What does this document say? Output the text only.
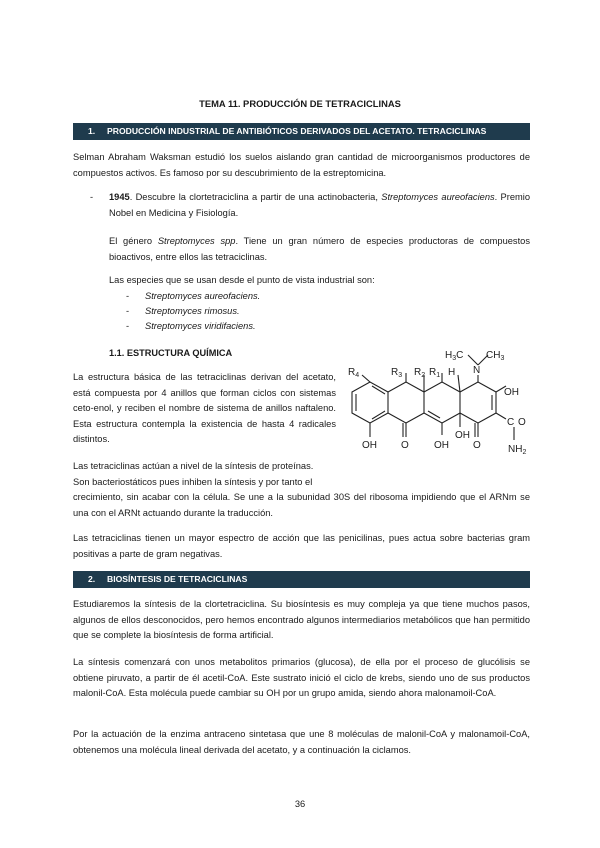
TEMA 11. PRODUCCIÓN DE TETRACICLINAS
1. PRODUCCIÓN INDUSTRIAL DE ANTIBIÓTICOS DERIVADOS DEL ACETATO. TETRACICLINAS
Selman Abraham Waksman estudió los suelos aislando gran cantidad de microorganismos productores de compuestos activos. Es famoso por su descubrimiento de la estreptomicina.
- 1945. Descubre la clortetraciclina a partir de una actinobacteria, Streptomyces aureofaciens. Premio Nobel en Medicina y Fisiología.
El género Streptomyces spp. Tiene un gran número de especies productoras de compuestos bioactivos, entre ellos las tetraciclinas.
Las especies que se usan desde el punto de vista industrial son:
- Streptomyces aureofaciens.
- Streptomyces rimosus.
- Streptomyces viridifaciens.
1.1. ESTRUCTURA QUÍMICA
La estructura básica de las tetraciclinas derivan del acetato, está compuesta por 4 anillos que forman ciclos con sistemas ceto-enol, y reciben el nombre de sistema de anillos naftaleno. Esta estructura contempla la existencia de hasta 4 radicales distintos.
Las tetraciclinas actúan a nivel de la síntesis de proteínas.
Son bacteriostáticos pues inhiben la síntesis y por tanto el
crecimiento, sin acabar con la célula. Se une a la subunidad 30S del ribosoma impidiendo que el ARNm se una con el ARNt actuando durante la traducción.
Las tetraciclinas tienen un mayor espectro de acción que las penicilinas, pues actua sobre bacterias gram positivas a parte de gram negativas.
$H_3C$ $CH_3$
N
$R_4$	$R_3$ $R_2$ $R_1$ H
OH
OH O	OH
OH
O
C O
$NH_2$
2. BIOSÍNTESIS DE TETRACICLINAS
Estudiaremos la síntesis de la clortetraciclina. Su biosíntesis es muy compleja ya que tiene muchos pasos, algunos de ellos desconocidos, pero hemos encontrado algunos intermediarios metabólicos que han permitido que se complete la biosíntesis de forma artificial.
La síntesis comenzará con unos metabolitos primarios (glucosa), de ella por el proceso de glucólisis se obtiene piruvato, a partir de él acetil-CoA. Este sustrato inició el ciclo de krebs, siendo uno de sus productos malonil-CoA. Esta molécula puede cambiar su OH por un grupo amida, siendo ahora malonamoil-CoA.
Por la actuación de la enzima antraceno sintetasa que une 8 moléculas de malonil-CoA y malonamoil-CoA, obtenemos una molécula lineal derivada del acetato, y a continuación la ciclamos.
36
